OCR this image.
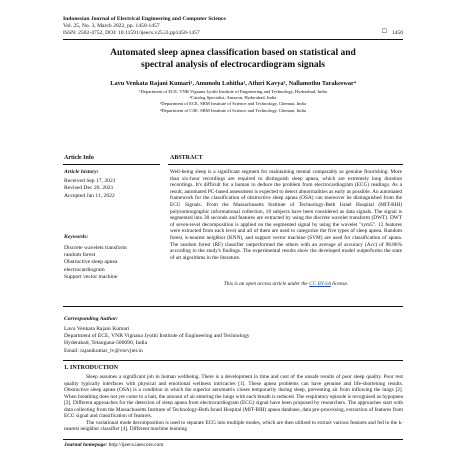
Indonesian Journal of Electrical Engineering and Computer Science
Vol. 25, No. 3, March 2022, pp. 1450-1457
ISSN: 2502-4752, DOI: 10.11591/ijeecs.v25.i3.pp1450-1457	☐ 1450
Automated sleep apnea classification based on statistical and
spectral analysis of electrocardiogram signals
Lavu Venkata Rajani Kumari¹, Anumolu Lohitha², Atluri Kavya³, Nallamothu Tarakeswar⁴
¹Department of ECE, VNR Vignana Jyothi Institute of Engineering and Technology, Hyderabad, India
²Catalog Specialist, Amazon, Hyderabad, India
³Department of ECE, SRM Institute of Science and Technology, Chennai, India
⁴Department of CSE, SRM Institute of Science and Technology, Chennai, India
Article Info	ABSTRACT
Article history:
Received Sep 17, 2021
Revised Dec 20, 2021
Accepted Jan 11, 2022
Keywords:
Discrete wavelets transform
random forest
Obstructive sleep apnea
electrocardiogram
Support vector machine
Well-being sleep is a significant segment for maintaining mental comparably as genuine flourishing. More than six-hour recordings are required to distinguish sleep apnea, which are extremely long duration recordings. It's difficult for a human to deduce the problem from electrocardiogram (ECG) readings. As a result, automated PC-based assessment is expected to detect abnormalities as early as possible. An automated framework for the classification of obstructive sleep apnea (OSA) can moreover be distinguished from the ECG Signals. From the Massachusetts Institute of Technology-Beth Israel Hospital (MIT-BIH) polysomnographic informational collection, 18 subjects have been considered as data signals. The signal is segmented into 30 seconds and features are extracted by using the discrete wavelet transform (DWT). DWT of seven-level decomposition is applied on the segmented signal by using the wavelet "sym5". 12 features were extracted from each level and all of them are used to categorize the five types of sleep apnea. Random forest, k-nearest neighbor (KNN), and support vector machine (SVM) are used for classification of apnea. The random forest (RF) classifier outperformed the others with an average of accuracy (Acc) of 98.86% according to the study's findings. The experimental results show the developed model outperforms the state of art algorithms in the literature.
This is an open access article under the CC BY-SA license.
Corresponding Author:
Lavu Venkata Rajani Kumari
Department of ECE, VNR Vignana Jyothi Institute of Engineering and Technology
Hyderabad, Telangana-500090, India
Email: rajanikumar_lv@vnrvjiet.in
1. INTRODUCTION

Sleep assumes a significant job in human wellbeing. There is a development in time and cost of the unsafe results of poor sleep quality. Poor rest quality typically interfaces with physical and emotional wellness intricacies [1]. These apnea problems can have genuine and life-shortening results. Obstructive sleep apnea (OSA) is a condition in which the superior aeromatrix closes temporarily during sleep, preventing air from inflowing the lungs [2]. When breathing does not yet come to a halt, the amount of air entering the lungs with each breath is reduced. The respiratory episode is recognised as hypopnea [3]. Different approaches for the detection of sleep apnea from electrocardiogram (ECG) signal have been proposed by researchers. The approaches start with data collecting from the Massachusetts Institute of Technology-Beth Israel Hospital (MIT-BIH) apnea database, data pre-processing, extraction of features from ECG signal and classification of features.

The variational mode decomposition is used to separate ECG into multiple modes, which are then utilised to extract various features and fed to the k-nearest neighbor classifier [4]. Different machine learning

Journal homepage: http://ijeecs.iaescore.com
